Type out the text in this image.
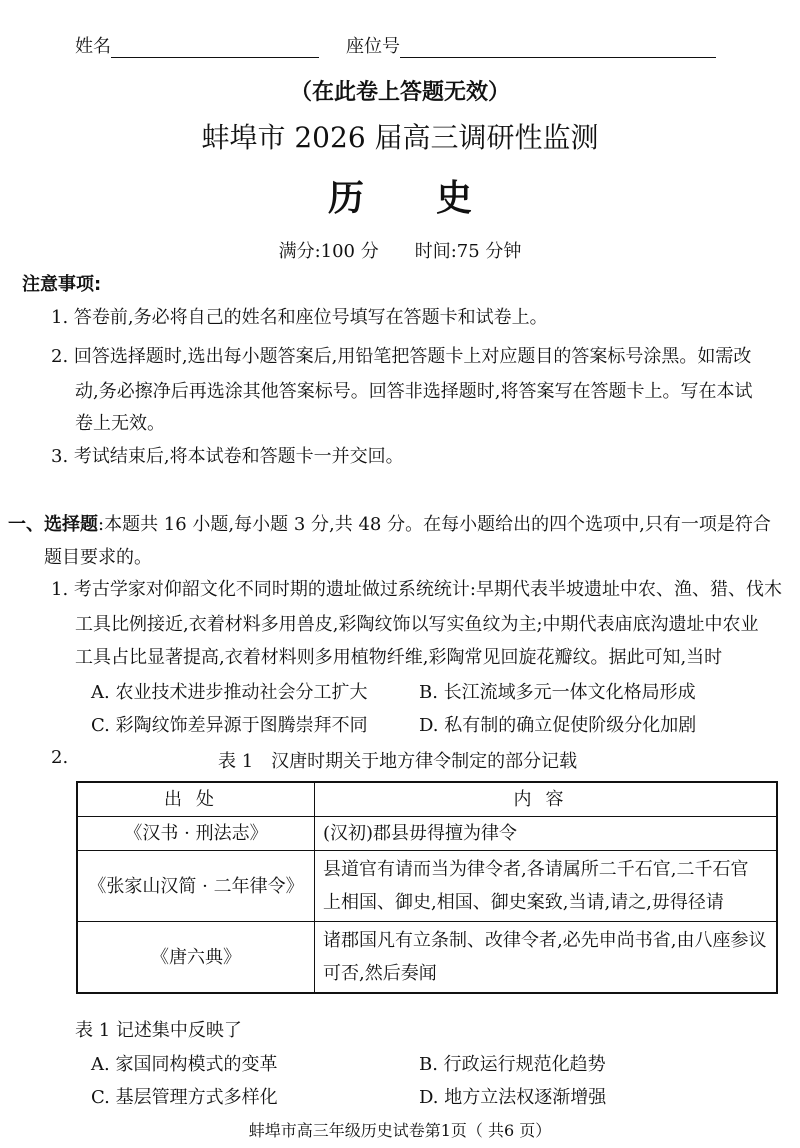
姓名	座位号
（在此卷上答题无效）
蚌埠市 2026 届高三调研性监测
历　　史
满分:100 分　　时间:75 分钟
注意事项:
1. 答卷前,务必将自己的姓名和座位号填写在答题卡和试卷上。
2. 回答选择题时,选出每小题答案后,用铅笔把答题卡上对应题目的答案标号涂黑。如需改
动,务必擦净后再选涂其他答案标号。回答非选择题时,将答案写在答题卡上。写在本试
卷上无效。
3. 考试结束后,将本试卷和答题卡一并交回。
一、选择题:本题共 16 小题,每小题 3 分,共 48 分。在每小题给出的四个选项中,只有一项是符合
题目要求的。
1. 考古学家对仰韶文化不同时期的遗址做过系统统计:早期代表半坡遗址中农、渔、猎、伐木
工具比例接近,衣着材料多用兽皮,彩陶纹饰以写实鱼纹为主;中期代表庙底沟遗址中农业
工具占比显著提高,衣着材料则多用植物纤维,彩陶常见回旋花瓣纹。据此可知,当时
A. 农业技术进步推动社会分工扩大	B. 长江流域多元一体文化格局形成
C. 彩陶纹饰差异源于图腾崇拜不同	D. 私有制的确立促使阶级分化加剧
2.	表 1　汉唐时期关于地方律令制定的部分记载
出处	内容
《汉书 · 刑法志》	(汉初)郡县毋得擅为律令
《张家山汉简 · 二年律令》	县道官有请而当为律令者,各请属所二千石官,二千石官
上相国、御史,相国、御史案致,当请,请之,毋得径请

《唐六典》	诸郡国凡有立条制、改律令者,必先申尚书省,由八座参议
可否,然后奏闻
表 1 记述集中反映了
A. 家国同构模式的变革	B. 行政运行规范化趋势
C. 基层管理方式多样化	D. 地方立法权逐渐增强
蚌埠市高三年级历史试卷第1页（ 共6 页）
